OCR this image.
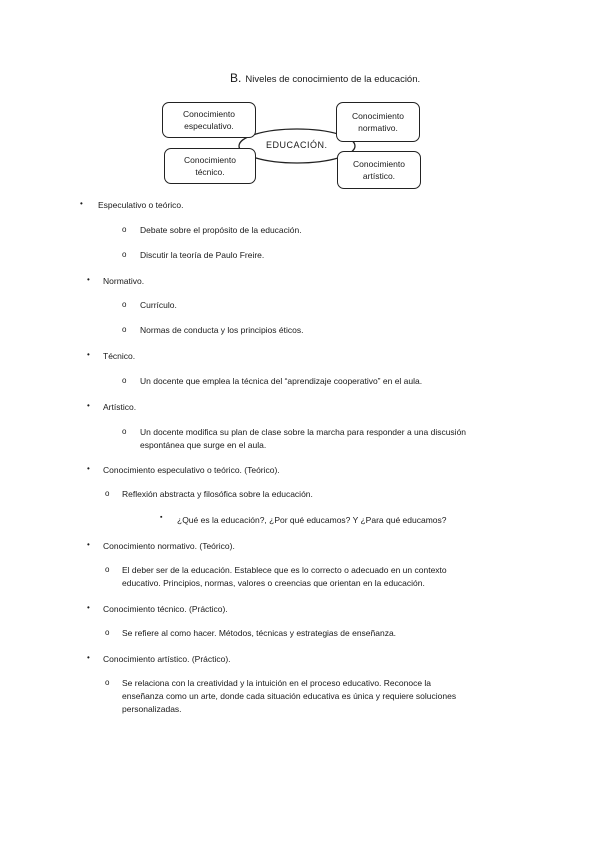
B. Niveles de conocimiento de la educación.
Conocimiento
especulativo.
Conocimiento
normativo.
Conocimiento
técnico.
Conocimiento
artístico.
EDUCACIÓN.
• Especulativo o teórico.
o Debate sobre el propósito de la educación.
o Discutir la teoría de Paulo Freire.
• Normativo.
o Currículo.
o Normas de conducta y los principios éticos.
• Técnico.
o Un docente que emplea la técnica del “aprendizaje cooperativo” en el aula.
• Artístico.
o Un docente modifica su plan de clase sobre la marcha para responder a una discusión
espontánea que surge en el aula.
• Conocimiento especulativo o teórico. (Teórico).
o Reflexión abstracta y filosófica sobre la educación.
▪ ¿Qué es la educación?, ¿Por qué educamos? Y ¿Para qué educamos?
• Conocimiento normativo. (Teórico).
o El deber ser de la educación. Establece que es lo correcto o adecuado en un contexto
educativo. Principios, normas, valores o creencias que orientan en la educación.
• Conocimiento técnico. (Práctico).
o Se refiere al como hacer. Métodos, técnicas y estrategias de enseñanza.
• Conocimiento artístico. (Práctico).
o Se relaciona con la creatividad y la intuición en el proceso educativo. Reconoce la
enseñanza como un arte, donde cada situación educativa es única y requiere soluciones
personalizadas.
